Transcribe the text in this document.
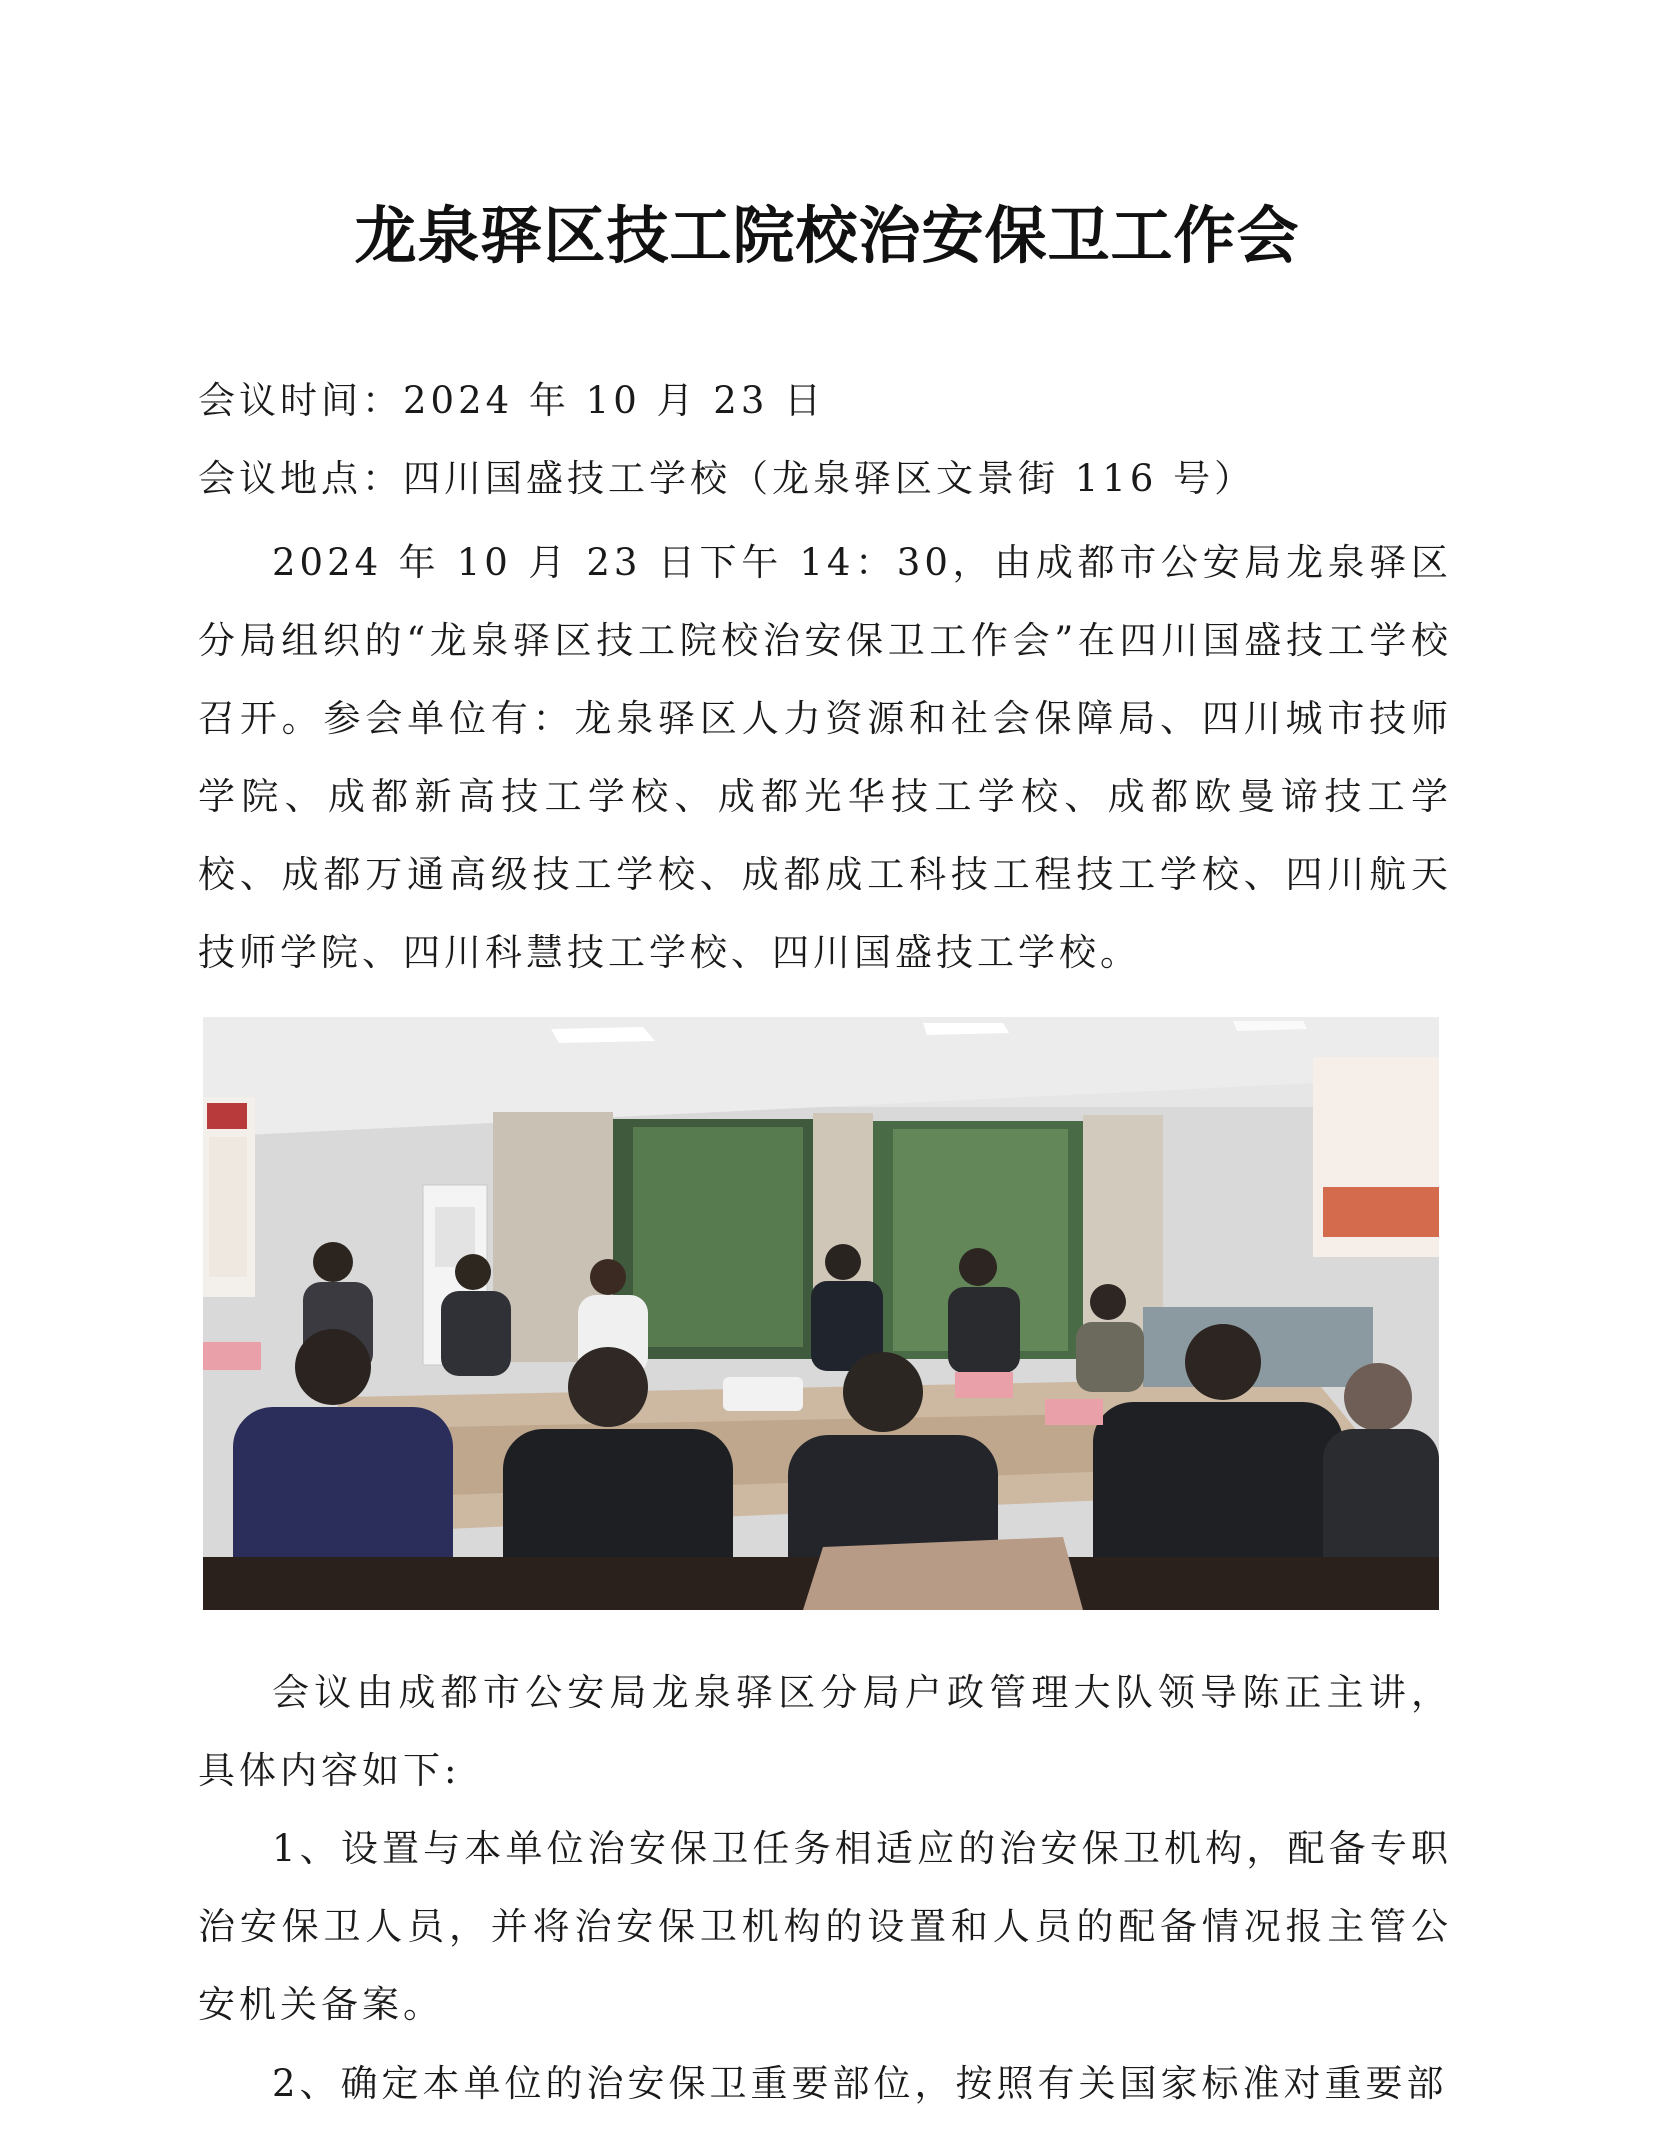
龙泉驿区技工院校治安保卫工作会

会议时间：2024 年 10 月 23 日

会议地点：四川国盛技工学校（龙泉驿区文景街 116 号）

2024 年 10 月 23 日下午 14：30，由成都市公安局龙泉驿区分局组织的“龙泉驿区技工院校治安保卫工作会”在四川国盛技工学校召开。参会单位有：龙泉驿区人力资源和社会保障局、四川城市技师学院、成都新高技工学校、成都光华技工学校、成都欧曼谛技工学校、成都万通高级技工学校、成都成工科技工程技工学校、四川航天技师学院、四川科慧技工学校、四川国盛技工学校。

会议由成都市公安局龙泉驿区分局户政管理大队领导陈正主讲，具体内容如下:

1、设置与本单位治安保卫任务相适应的治安保卫机构，配备专职治安保卫人员，并将治安保卫机构的设置和人员的配备情况报主管公安机关备案。

2、确定本单位的治安保卫重要部位，按照有关国家标准对重要部
